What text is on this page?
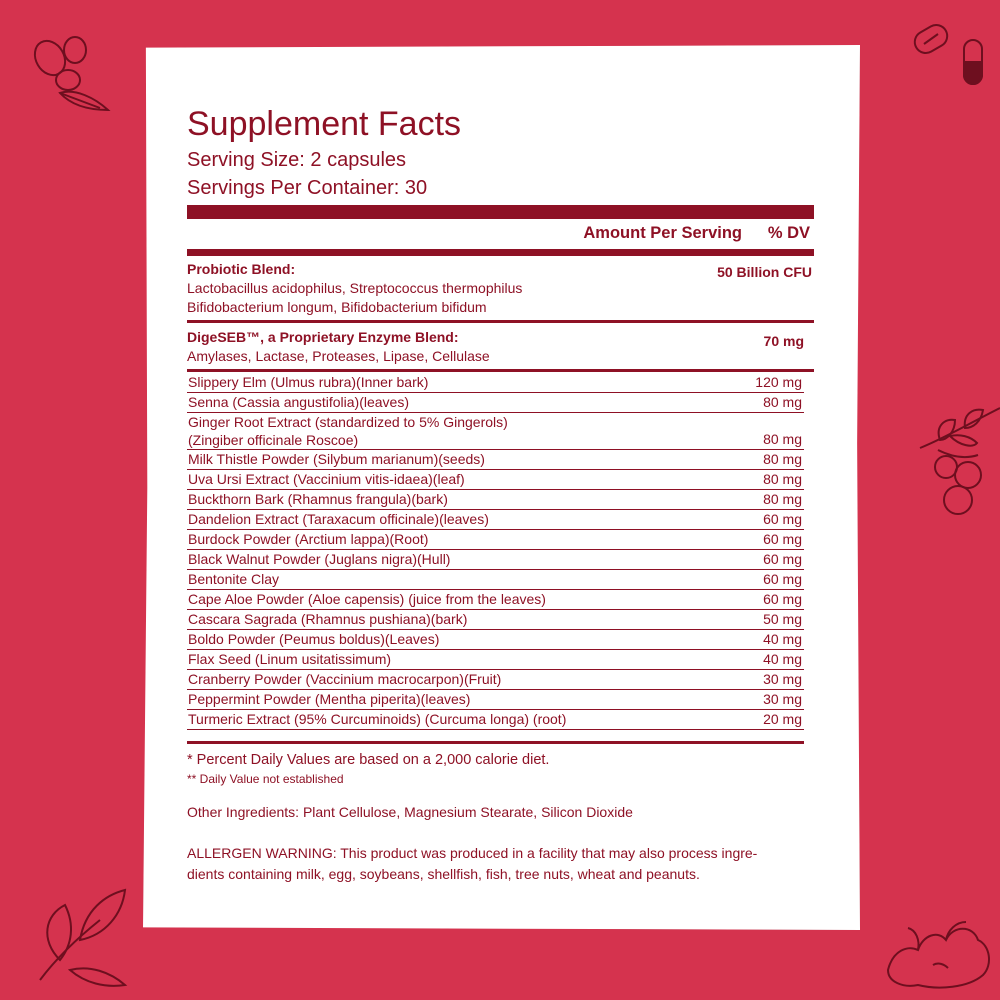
Supplement Facts
Serving Size: 2 capsules
Servings Per Container: 30
Amount Per Serving % DV
Probiotic Blend:
Lactobacillus acidophilus, Streptococcus thermophilus
Bifidobacterium longum, Bifidobacterium bifidum
50 Billion CFU
DigeSEB™, a Proprietary Enzyme Blend:
Amylases, Lactase, Proteases, Lipase, Cellulase
70 mg
Slippery Elm (Ulmus rubra)(Inner bark)	120 mg
Senna (Cassia angustifolia)(leaves)	80 mg
Ginger Root Extract (standardized to 5% Gingerols)
(Zingiber officinale Roscoe)	80 mg
Milk Thistle Powder (Silybum marianum)(seeds)	80 mg
Uva Ursi Extract (Vaccinium vitis-idaea)(leaf)	80 mg
Buckthorn Bark (Rhamnus frangula)(bark)	80 mg
Dandelion Extract (Taraxacum officinale)(leaves)	60 mg
Burdock Powder (Arctium lappa)(Root)	60 mg
Black Walnut Powder (Juglans nigra)(Hull)	60 mg
Bentonite Clay	60 mg
Cape Aloe Powder (Aloe capensis) (juice from the leaves)	60 mg
Cascara Sagrada (Rhamnus pushiana)(bark)	50 mg
Boldo Powder (Peumus boldus)(Leaves)	40 mg
Flax Seed (Linum usitatissimum)	40 mg
Cranberry Powder (Vaccinium macrocarpon)(Fruit)	30 mg
Peppermint Powder (Mentha piperita)(leaves)	30 mg
Turmeric Extract (95% Curcuminoids) (Curcuma longa) (root)	20 mg
* Percent Daily Values are based on a 2,000 calorie diet.
** Daily Value not established
Other Ingredients: Plant Cellulose, Magnesium Stearate, Silicon Dioxide
ALLERGEN WARNING: This product was produced in a facility that may also process ingre-
dients containing milk, egg, soybeans, shellfish, fish, tree nuts, wheat and peanuts.
